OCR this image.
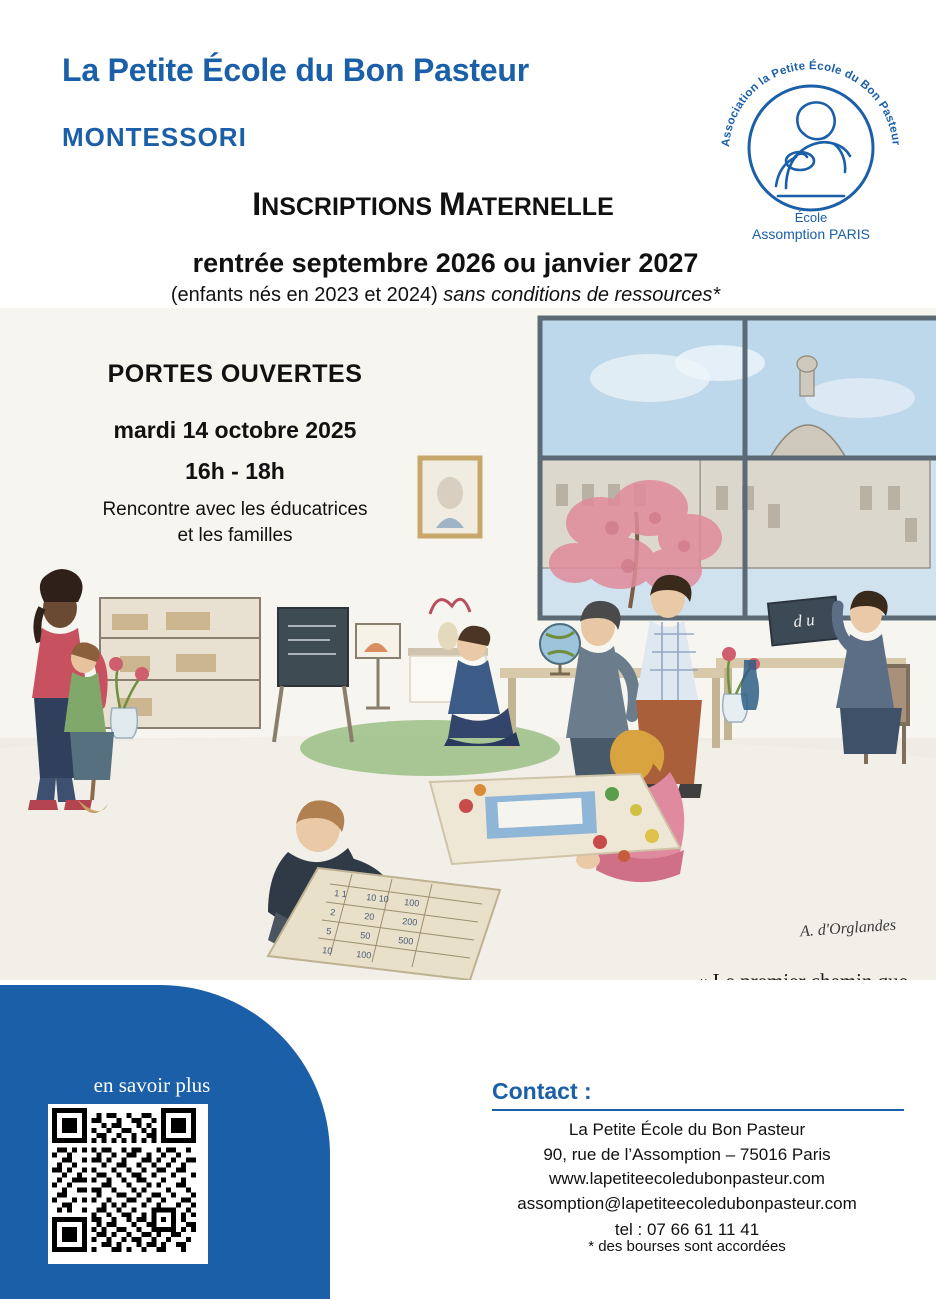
La Petite École du Bon Pasteur
MONTESSORI
INSCRIPTIONS MATERNELLE
rentrée septembre 2026 ou janvier 2027
(enfants nés en 2023 et 2024) sans conditions de ressources*
Association la Petite École du Bon Pasteur
École
Assomption PARIS
d u
1 1 10 10 100
2	20	200
5	50	500
10	100
PORTES OUVERTES
mardi 14 octobre 2025
16h - 18h
Rencontre avec les éducatrices
et les familles
A. d'Orglandes
en savoir plus	Contact :
La Petite École du Bon Pasteur
90, rue de l’Assomption – 75016 Paris
www.lapetiteecoledubonpasteur.com
assomption@lapetiteecoledubonpasteur.com
tel : 07 66 61 11 41
* des bourses sont accordées
